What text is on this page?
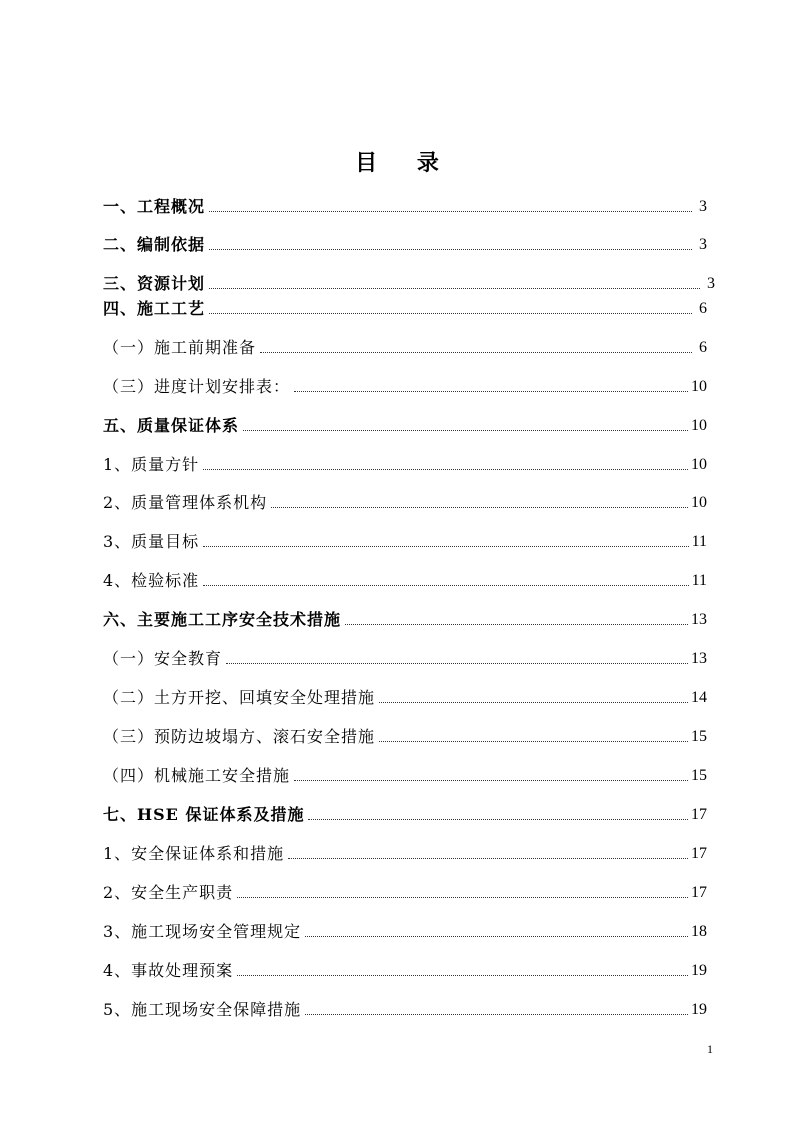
目 录
一、工程概况	3
二、编制依据	3
三、资源计划	3
四、施工工艺	6
（一）施工前期准备	6
（三）进度计划安排表：	10
五、质量保证体系	10
1、质量方针	10
2、质量管理体系机构	10
3、质量目标	11
4、检验标准	11
六、主要施工工序安全技术措施	13
（一）安全教育	13
（二）土方开挖、回填安全处理措施	14
（三）预防边坡塌方、滚石安全措施	15
（四）机械施工安全措施	15
七、HSE 保证体系及措施	17
1、安全保证体系和措施	17
2、安全生产职责	17
3、施工现场安全管理规定	18
4、事故处理预案	19
5、施工现场安全保障措施	19
1
